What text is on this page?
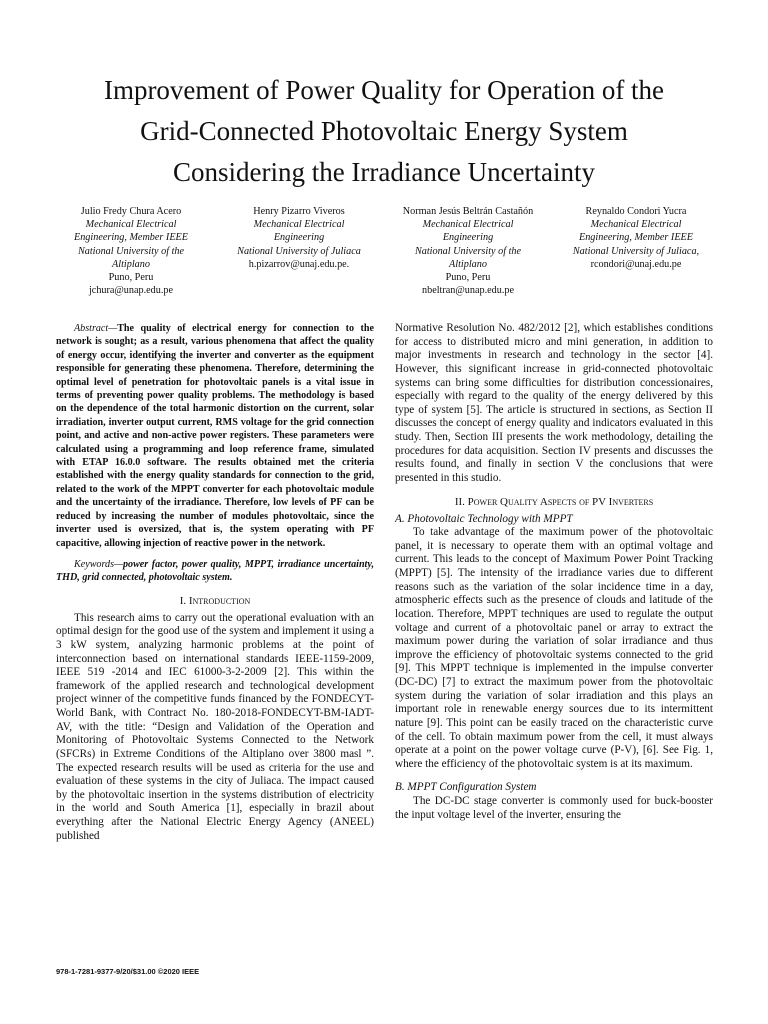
Improvement of Power Quality for Operation of the
Grid-Connected Photovoltaic Energy System
Considering the Irradiance Uncertainty
Julio Fredy Chura Acero
Mechanical Electrical
Engineering, Member IEEE
National University of the
Altiplano
Puno, Peru
jchura@unap.edu.pe
Henry Pizarro Viveros
Mechanical Electrical
Engineering
National University of Juliaca
h.pizarrov@unaj.edu.pe.
Norman Jesús Beltrán Castañón
Mechanical Electrical
Engineering
National University of the
Altiplano
Puno, Peru
nbeltran@unap.edu.pe
Reynaldo Condori Yucra
Mechanical Electrical
Engineering, Member IEEE
National University of Juliaca,
rcondori@unaj.edu.pe

Abstract—The quality of electrical energy for connection to the network is sought; as a result, various phenomena that affect the quality of energy occur, identifying the inverter and converter as the equipment responsible for generating these phenomena. Therefore, determining the optimal level of penetration for photovoltaic panels is a vital issue in terms of preventing power quality problems. The methodology is based on the dependence of the total harmonic distortion on the current, solar irradiation, inverter output current, RMS voltage for the grid connection point, and active and non-active power registers. These parameters were calculated using a programming and loop reference frame, simulated with ETAP 16.0.0 software. The results obtained met the criteria established with the energy quality standards for connection to the grid, related to the work of the MPPT converter for each photovoltaic module and the uncertainty of the irradiance. Therefore, low levels of PF can be reduced by increasing the number of modules photovoltaic, since the inverter used is oversized, that is, the system operating with PF capacitive, allowing injection of reactive power in the network.

Keywords—power factor, power quality, MPPT, irradiance uncertainty, THD, grid connected, photovoltaic system.

I. Introduction

This research aims to carry out the operational evaluation with an optimal design for the good use of the system and implement it using a 3 kW system, analyzing harmonic problems at the point of interconnection based on international standards IEEE-1159-2009, IEEE 519 -2014 and IEC 61000-3-2-2009 [2]. This within the framework of the applied research and technological development project winner of the competitive funds financed by the FONDECYT-World Bank, with Contract No. 180-2018-FONDECYT-BM-IADT-AV, with the title: “Design and Validation of the Operation and Monitoring of Photovoltaic Systems Connected to the Network (SFCRs) in Extreme Conditions of the Altiplano over 3800 masl ”. The expected research results will be used as criteria for the use and evaluation of these systems in the city of Juliaca. The impact caused by the photovoltaic insertion in the systems distribution of electricity in the world and South America [1], especially in brazil about everything after the National Electric Energy Agency (ANEEL) published

Normative Resolution No. 482/2012 [2], which establishes conditions for access to distributed micro and mini generation, in addition to major investments in research and technology in the sector [4]. However, this significant increase in grid-connected photovoltaic systems can bring some difficulties for distribution concessionaires, especially with regard to the quality of the energy delivered by this type of system [5]. The article is structured in sections, as Section II discusses the concept of energy quality and indicators evaluated in this study. Then, Section III presents the work methodology, detailing the procedures for data acquisition. Section IV presents and discusses the results found, and finally in section V the conclusions that were presented in this studio.

II. Power Quality Aspects of PV Inverters

A. Photovoltaic Technology with MPPT

To take advantage of the maximum power of the photovoltaic panel, it is necessary to operate them with an optimal voltage and current. This leads to the concept of Maximum Power Point Tracking (MPPT) [5]. The intensity of the irradiance varies due to different reasons such as the variation of the solar incidence time in a day, atmospheric effects such as the presence of clouds and latitude of the location. Therefore, MPPT techniques are used to regulate the output voltage and current of a photovoltaic panel or array to extract the maximum power during the variation of solar irradiance and thus improve the efficiency of photovoltaic systems connected to the grid [9]. This MPPT technique is implemented in the impulse converter (DC-DC) [7] to extract the maximum power from the photovoltaic system during the variation of solar irradiation and this plays an important role in renewable energy sources due to its intermittent nature [9]. This point can be easily traced on the characteristic curve of the cell. To obtain maximum power from the cell, it must always operate at a point on the power voltage curve (P-V), [6]. See Fig. 1, where the efficiency of the photovoltaic system is at its maximum.

B. MPPT Configuration System

The DC-DC stage converter is commonly used for buck-booster the input voltage level of the inverter, ensuring the

978-1-7281-9377-9/20/$31.00 ©2020 IEEE
